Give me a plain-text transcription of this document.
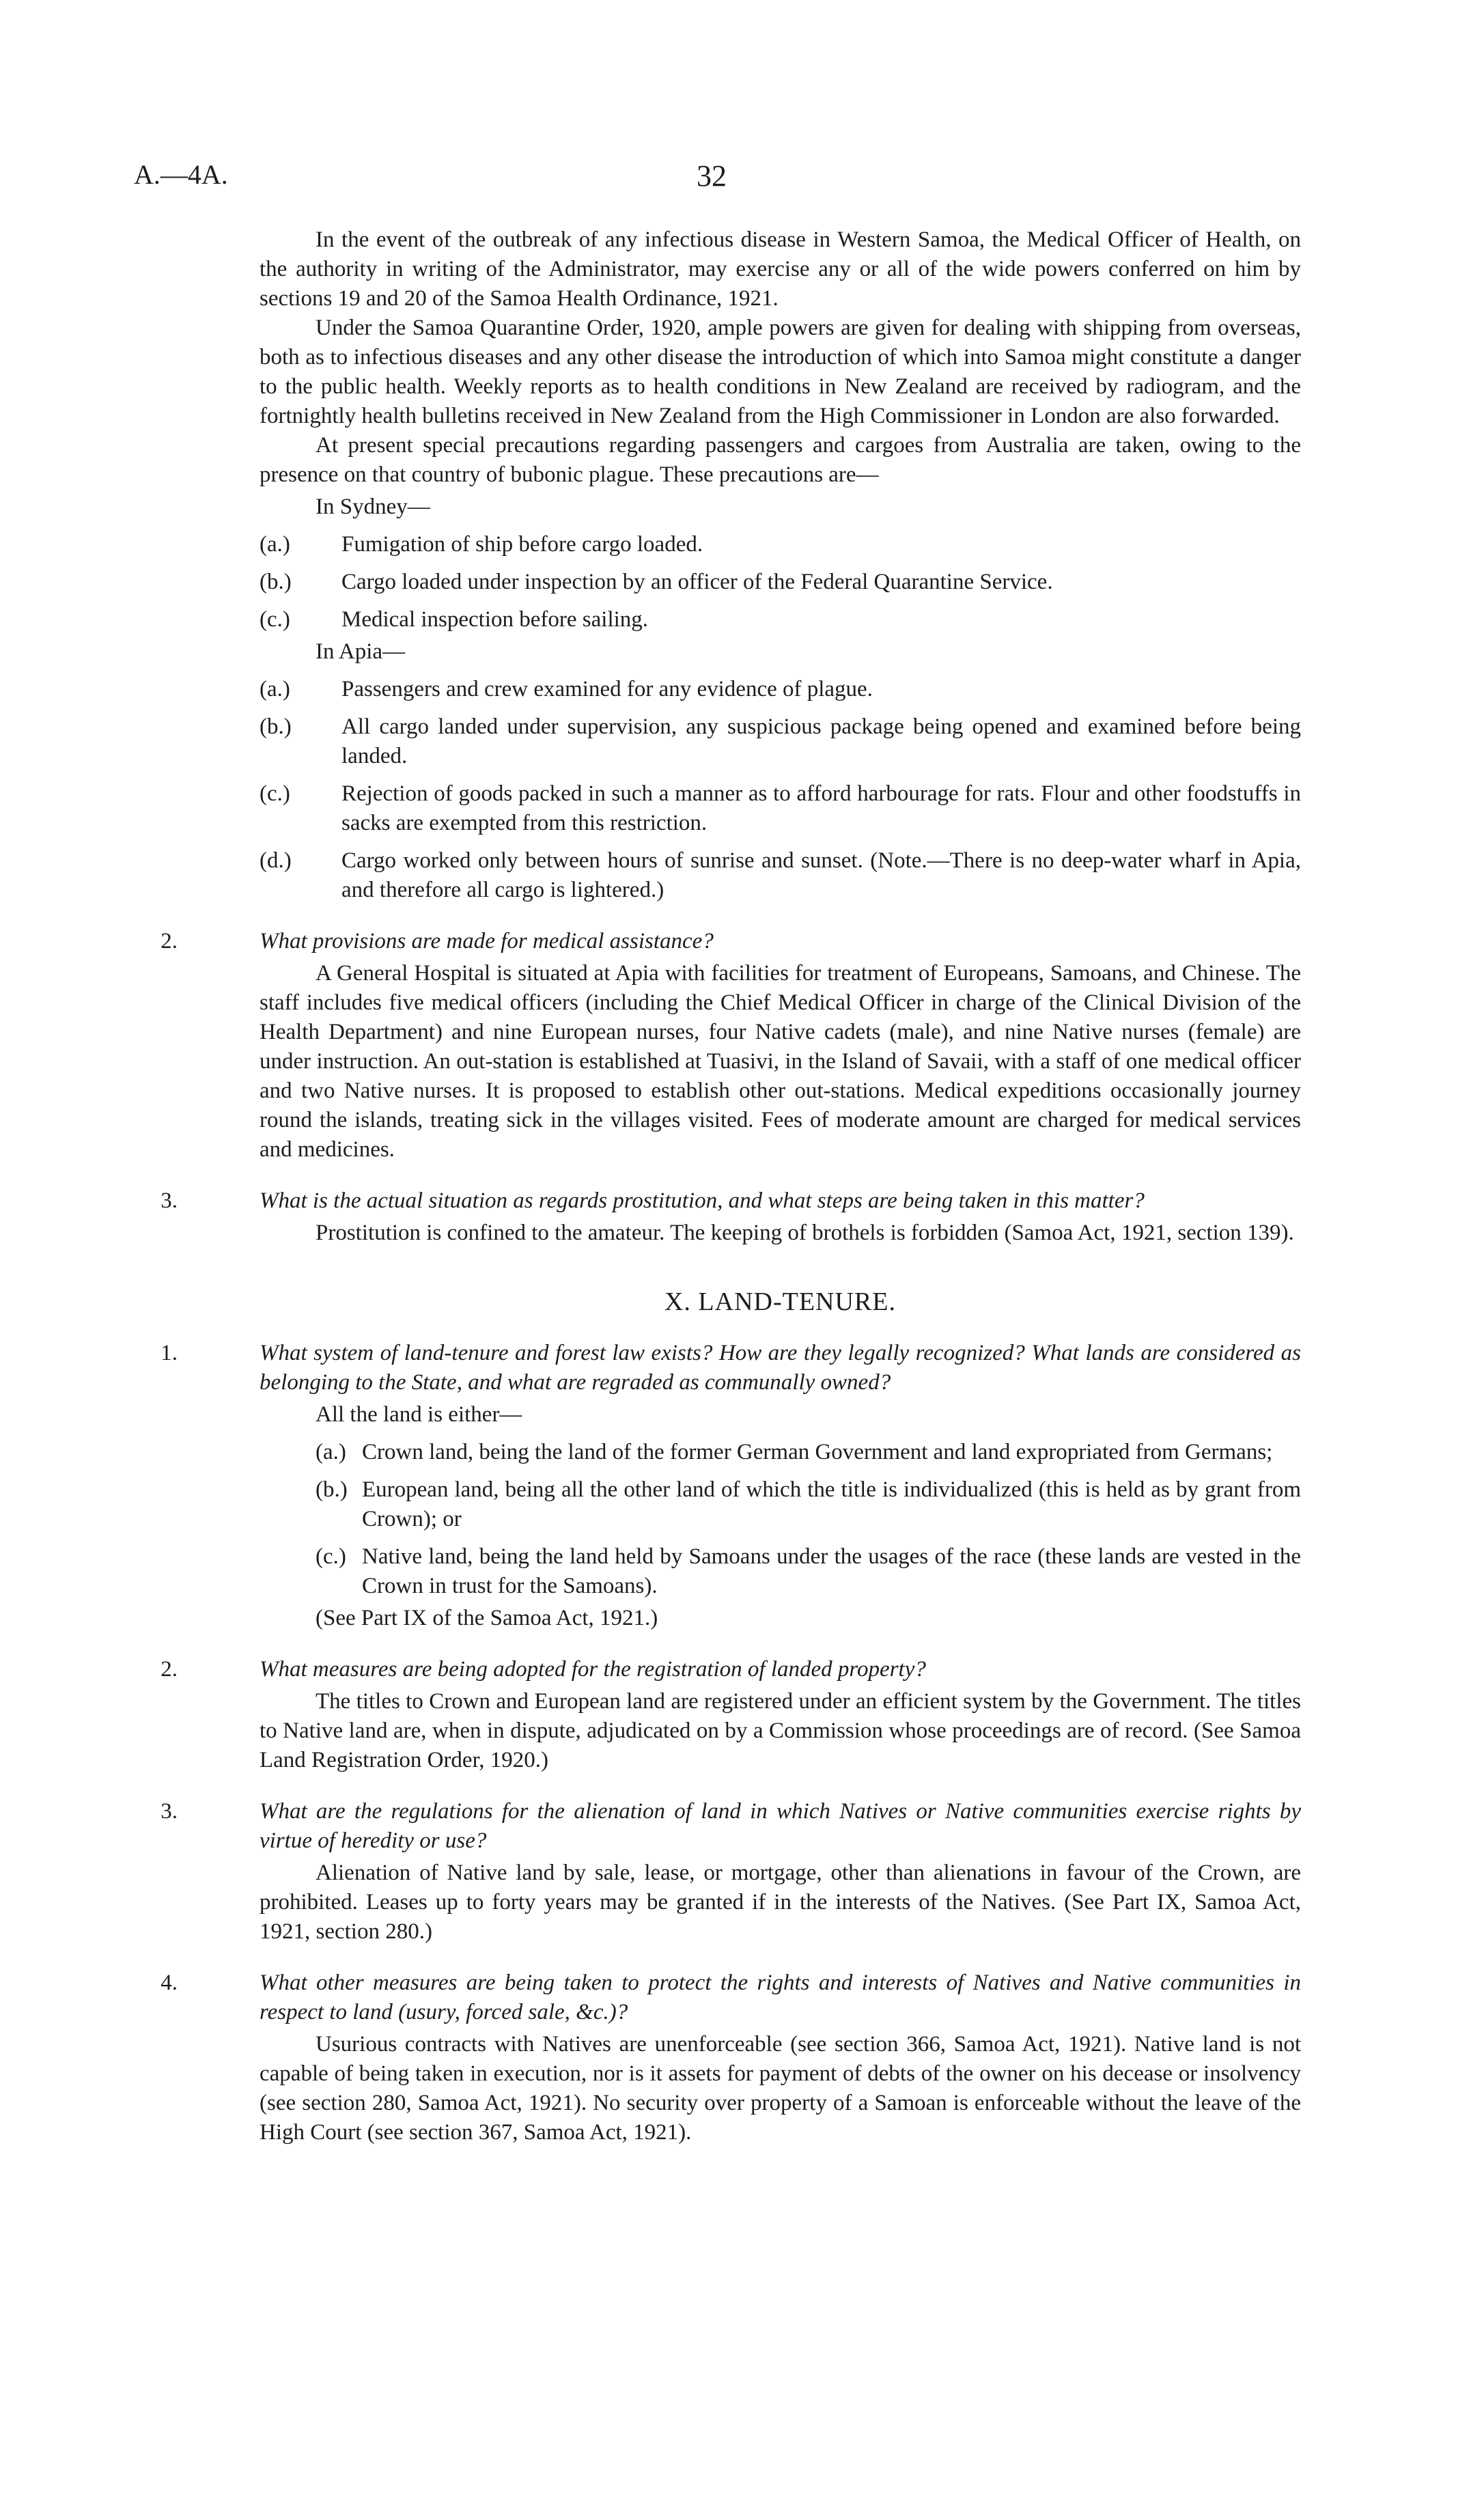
A.—4A.	32

In the event of the outbreak of any infectious disease in Western Samoa, the Medical Officer of Health, on the authority in writing of the Administrator, may exercise any or all of the wide powers conferred on him by sections 19 and 20 of the Samoa Health Ordinance, 1921.

Under the Samoa Quarantine Order, 1920, ample powers are given for dealing with shipping from overseas, both as to infectious diseases and any other disease the introduction of which into Samoa might constitute a danger to the public health. Weekly reports as to health conditions in New Zealand are received by radiogram, and the fortnightly health bulletins received in New Zealand from the High Commissioner in London are also forwarded.

At present special precautions regarding passengers and cargoes from Australia are taken, owing to the presence on that country of bubonic plague. These precautions are—

In Sydney—

(a.) Fumigation of ship before cargo loaded.
(b.) Cargo loaded under inspection by an officer of the Federal Quarantine Service.
(c.) Medical inspection before sailing.

In Apia—

(a.) Passengers and crew examined for any evidence of plague.
(b.) All cargo landed under supervision, any suspicious package being opened and examined before being landed.
(c.) Rejection of goods packed in such a manner as to afford harbourage for rats. Flour and other foodstuffs in sacks are exempted from this restriction.
(d.) Cargo worked only between hours of sunrise and sunset. (Note.—There is no deep-water wharf in Apia, and therefore all cargo is lightered.)
2.	What provisions are made for medical assistance?

A General Hospital is situated at Apia with facilities for treatment of Europeans, Samoans, and Chinese. The staff includes five medical officers (including the Chief Medical Officer in charge of the Clinical Division of the Health Department) and nine European nurses, four Native cadets (male), and nine Native nurses (female) are under instruction. An out-station is established at Tuasivi, in the Island of Savaii, with a staff of one medical officer and two Native nurses. It is proposed to establish other out-stations. Medical expeditions occasionally journey round the islands, treating sick in the villages visited. Fees of moderate amount are charged for medical services and medicines.

3.	What is the actual situation as regards prostitution, and what steps are being taken in this matter?

Prostitution is confined to the amateur. The keeping of brothels is forbidden (Samoa Act, 1921, section 139).

X. LAND-TENURE.
1.	What system of land-tenure and forest law exists? How are they legally recognized? What lands are considered as belonging to the State, and what are regraded as communally owned?

All the land is either—

(a.) Crown land, being the land of the former German Government and land expropriated from Germans;
(b.) European land, being all the other land of which the title is individualized (this is held as by grant from Crown); or
(c.) Native land, being the land held by Samoans under the usages of the race (these lands are vested in the Crown in trust for the Samoans).

(See Part IX of the Samoa Act, 1921.)

2.	What measures are being adopted for the registration of landed property?

The titles to Crown and European land are registered under an efficient system by the Government. The titles to Native land are, when in dispute, adjudicated on by a Commission whose proceedings are of record. (See Samoa Land Registration Order, 1920.)

3.	What are the regulations for the alienation of land in which Natives or Native communities exercise rights by virtue of heredity or use?

Alienation of Native land by sale, lease, or mortgage, other than alienations in favour of the Crown, are prohibited. Leases up to forty years may be granted if in the interests of the Natives. (See Part IX, Samoa Act, 1921, section 280.)

4.	What other measures are being taken to protect the rights and interests of Natives and Native communities in respect to land (usury, forced sale, &c.)?

Usurious contracts with Natives are unenforceable (see section 366, Samoa Act, 1921). Native land is not capable of being taken in execution, nor is it assets for payment of debts of the owner on his decease or insolvency (see section 280, Samoa Act, 1921). No security over property of a Samoan is enforceable without the leave of the High Court (see section 367, Samoa Act, 1921).
